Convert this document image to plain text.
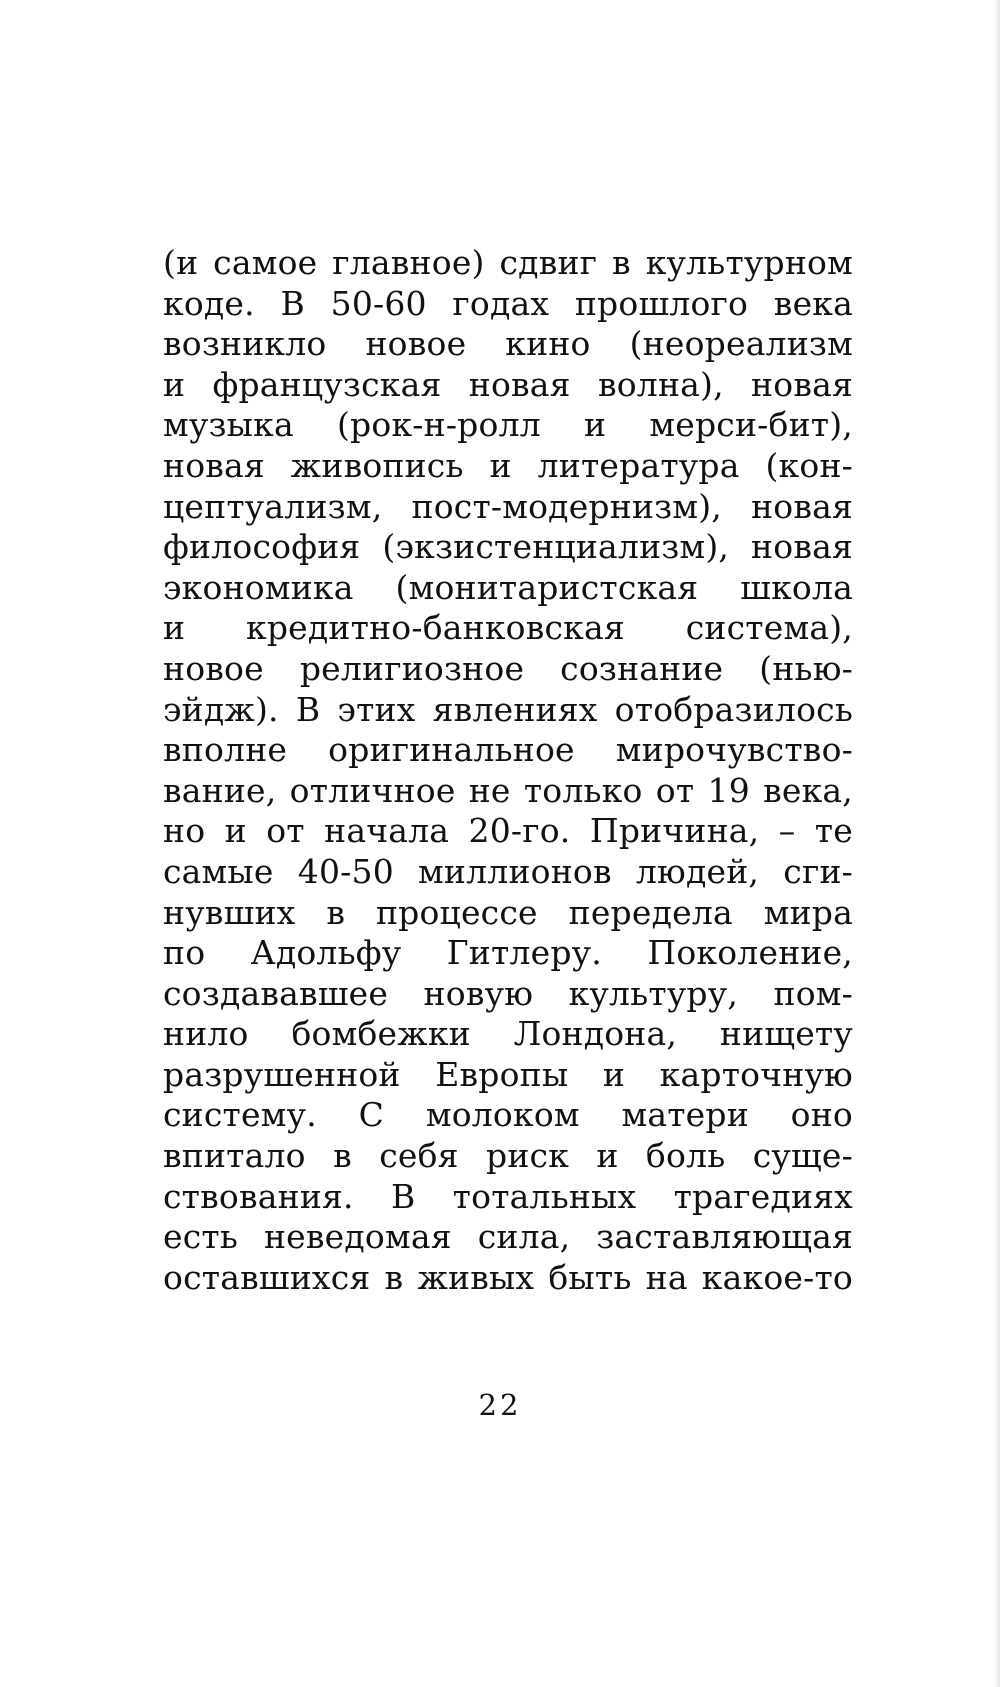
(и самое главное) сдвиг в культурном
коде. В 50-60 годах прошлого века
возникло новое кино (неореализм
и французская новая волна), новая
музыка (рок-н-ролл и мерси-бит),
новая живопись и литература (кон-
цептуализм, пост-модернизм), новая
философия (экзистенциализм), новая
экономика (монитаристская школа
и кредитно-банковская система),
новое религиозное сознание (нью-
эйдж). В этих явлениях отобразилось
вполне оригинальное мирочувство-
вание, отличное не только от 19 века,
но и от начала 20-го. Причина, – те
самые 40-50 миллионов людей, сги-
нувших в процессе передела мира
по Адольфу Гитлеру. Поколение,
создававшее новую культуру, пом-
нило бомбежки Лондона, нищету
разрушенной Европы и карточную
систему. С молоком матери оно
впитало в себя риск и боль суще-
ствования. В тотальных трагедиях
есть неведомая сила, заставляющая
оставшихся в живых быть на какое-то
22
